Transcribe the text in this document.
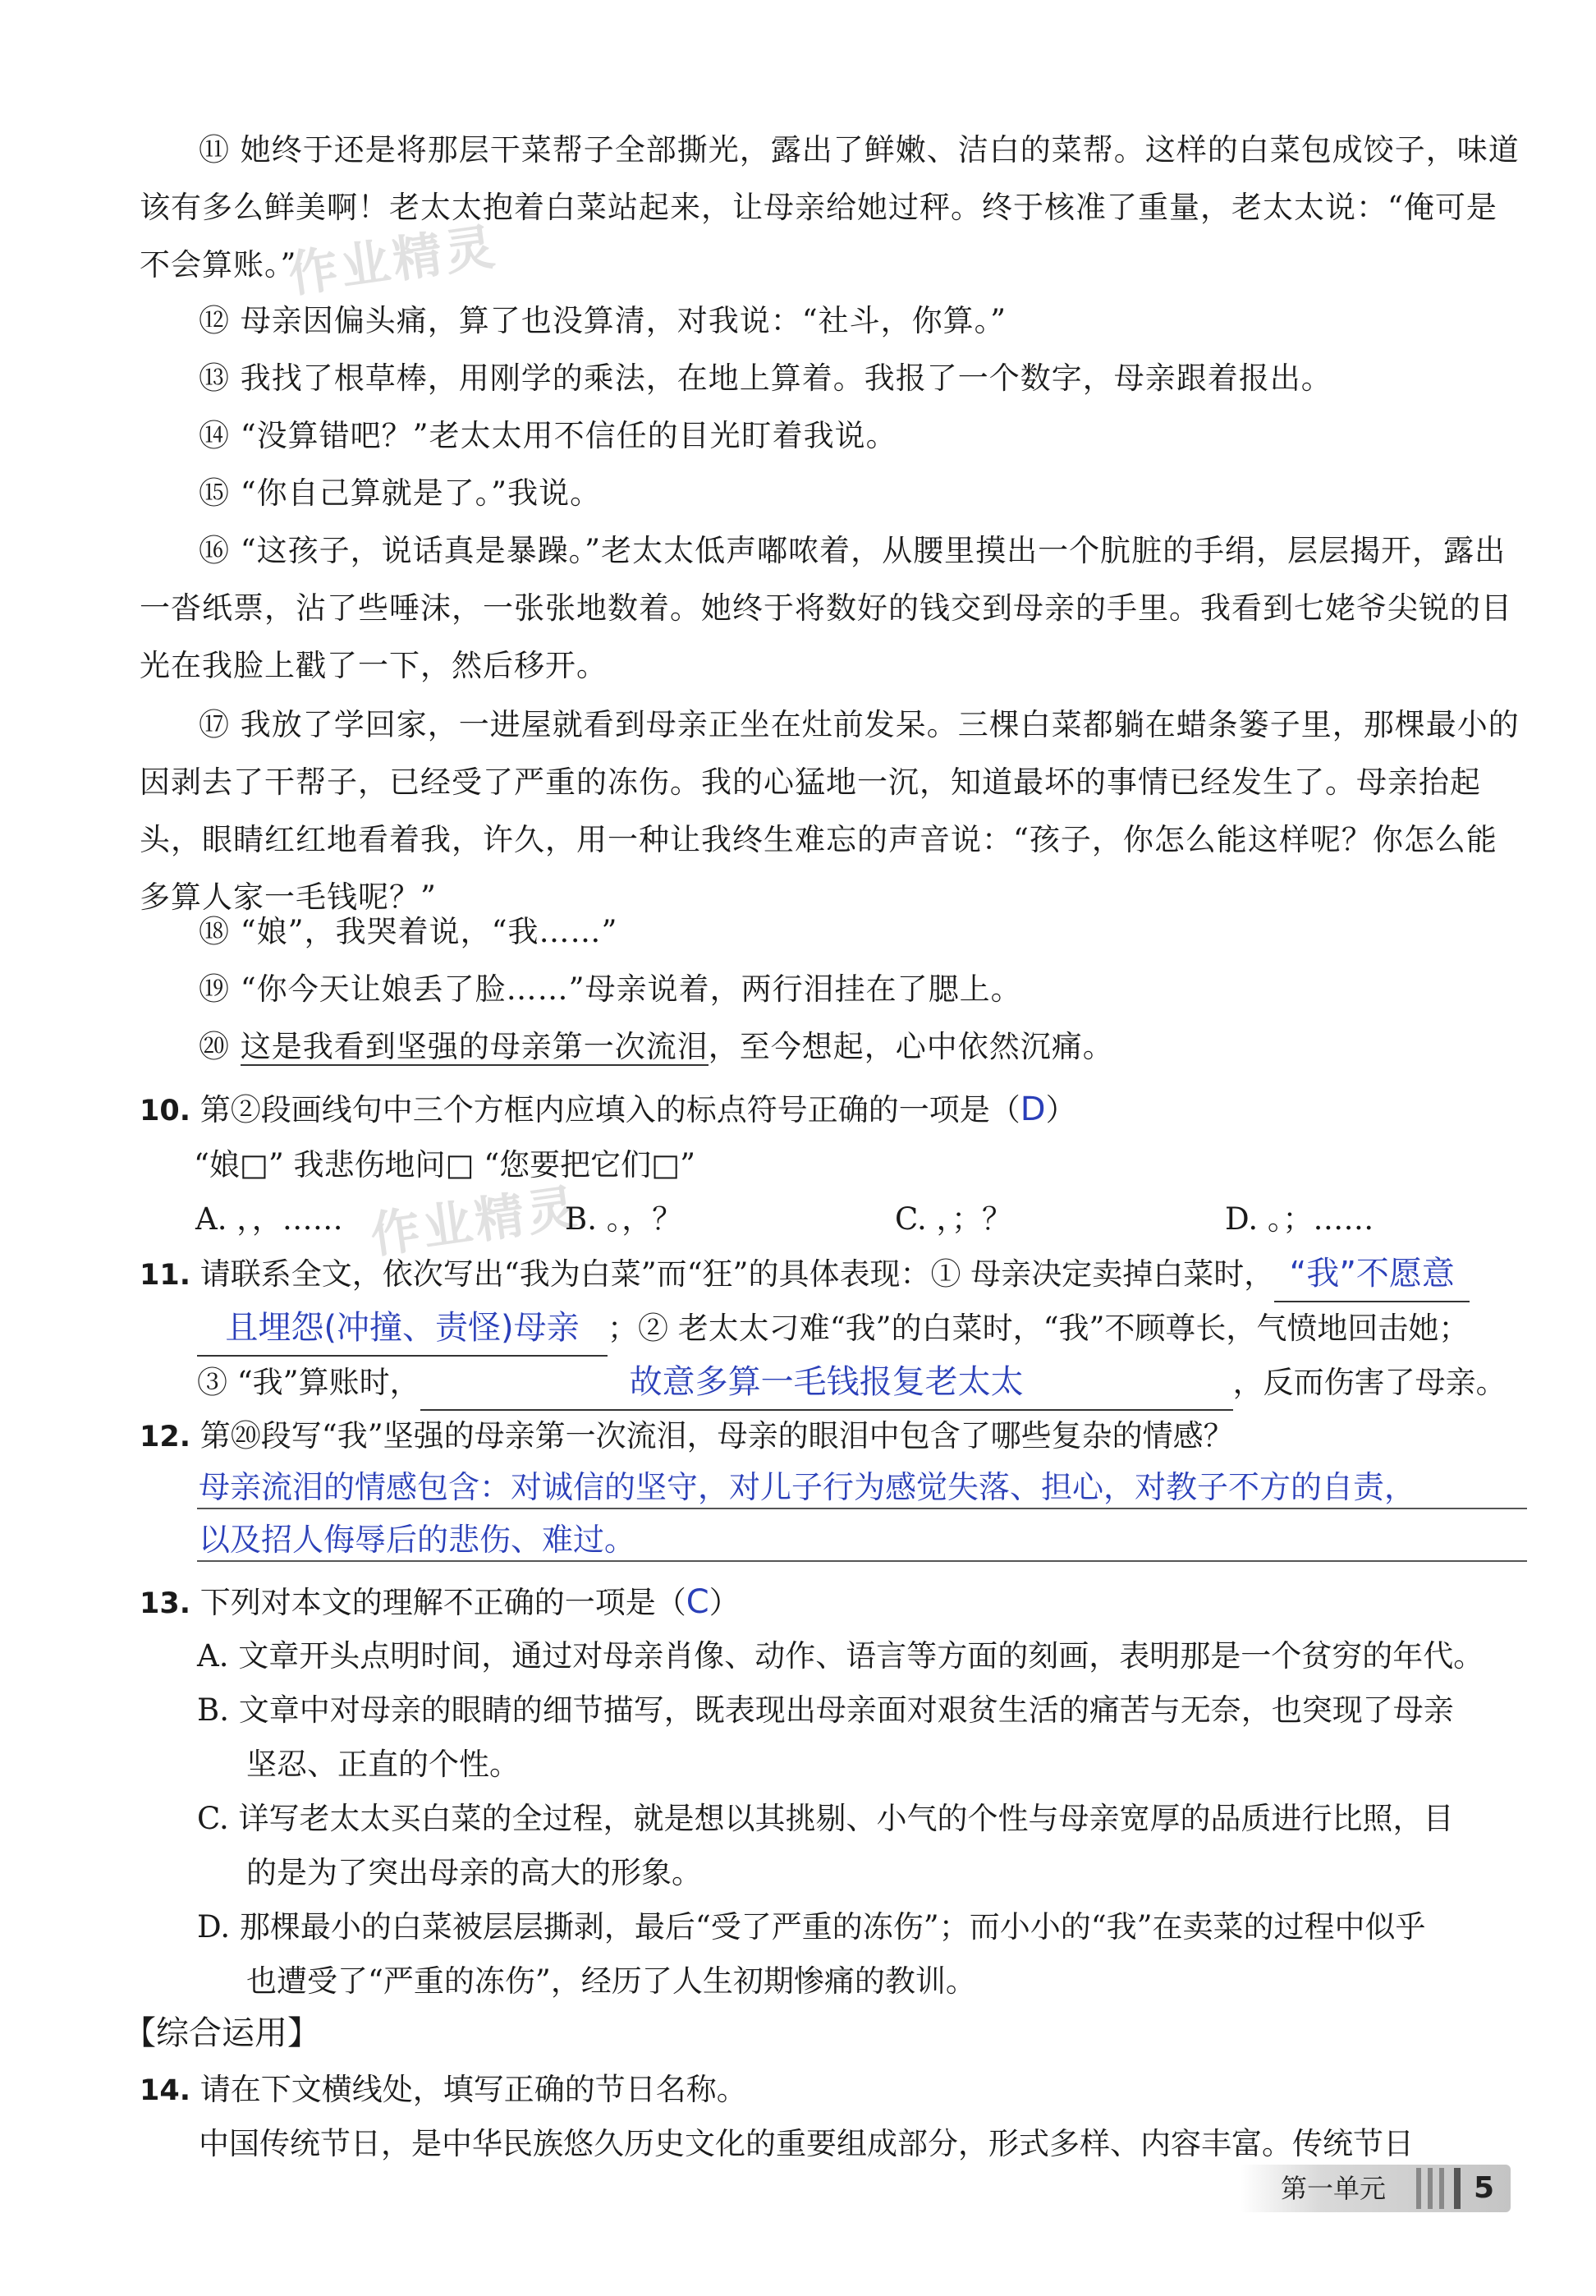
⑪ 她终于还是将那层干菜帮子全部撕光，露出了鲜嫩、洁白的菜帮。这样的白菜包成饺子，味道该有多么鲜美啊！老太太抱着白菜站起来，让母亲给她过秤。终于核准了重量，老太太说：“俺可是不会算账。”

⑫ 母亲因偏头痛，算了也没算清，对我说：“社斗，你算。”

⑬ 我找了根草棒，用刚学的乘法，在地上算着。我报了一个数字，母亲跟着报出。

⑭ “没算错吧？”老太太用不信任的目光盯着我说。

⑮ “你自己算就是了。”我说。

⑯ “这孩子，说话真是暴躁。”老太太低声嘟哝着，从腰里摸出一个肮脏的手绢，层层揭开，露出一沓纸票，沾了些唾沫，一张张地数着。她终于将数好的钱交到母亲的手里。我看到七姥爷尖锐的目光在我脸上戳了一下，然后移开。

⑰ 我放了学回家，一进屋就看到母亲正坐在灶前发呆。三棵白菜都躺在蜡条篓子里，那棵最小的因剥去了干帮子，已经受了严重的冻伤。我的心猛地一沉，知道最坏的事情已经发生了。母亲抬起头，眼睛红红地看着我，许久，用一种让我终生难忘的声音说：“孩子，你怎么能这样呢？你怎么能多算人家一毛钱呢？”

⑱ “娘”，我哭着说，“我……”

⑲ “你今天让娘丢了脸……”母亲说着，两行泪挂在了腮上。

⑳ 这是我看到坚强的母亲第一次流泪，至今想起，心中依然沉痛。

作业精灵
作业精灵

10. 第②段画线句中三个方框内应填入的标点符号正确的一项是（D）

“娘□” 我悲伤地问□ “您要把它们□”

A. ，，……	B. 。，？	C. ，；？	D. 。；……

11. 请联系全文，依次写出“我为白菜”而“狂”的具体表现：① 母亲决定卖掉白菜时， “我”不愿意

且埋怨(冲撞、责怪)母亲 ；② 老太太刁难“我”的白菜时，“我”不顾尊长，气愤地回击她；

③ “我”算账时，	故意多算一毛钱报复老太太	，反而伤害了母亲。

12. 第⑳段写“我”坚强的母亲第一次流泪，母亲的眼泪中包含了哪些复杂的情感？

母亲流泪的情感包含：对诚信的坚守，对儿子行为感觉失落、担心，对教子不方的自责，

以及招人侮辱后的悲伤、难过。

13. 下列对本文的理解不正确的一项是（C）

A. 文章开头点明时间，通过对母亲肖像、动作、语言等方面的刻画，表明那是一个贫穷的年代。

B. 文章中对母亲的眼睛的细节描写，既表现出母亲面对艰贫生活的痛苦与无奈，也突现了母亲

坚忍、正直的个性。

C. 详写老太太买白菜的全过程，就是想以其挑剔、小气的个性与母亲宽厚的品质进行比照，目

的是为了突出母亲的高大的形象。

D. 那棵最小的白菜被层层撕剥，最后“受了严重的冻伤”；而小小的“我”在卖菜的过程中似乎

也遭受了“严重的冻伤”，经历了人生初期惨痛的教训。

【综合运用】

14. 请在下文横线处，填写正确的节日名称。

中国传统节日，是中华民族悠久历史文化的重要组成部分，形式多样、内容丰富。传统节日

第一单元	5
